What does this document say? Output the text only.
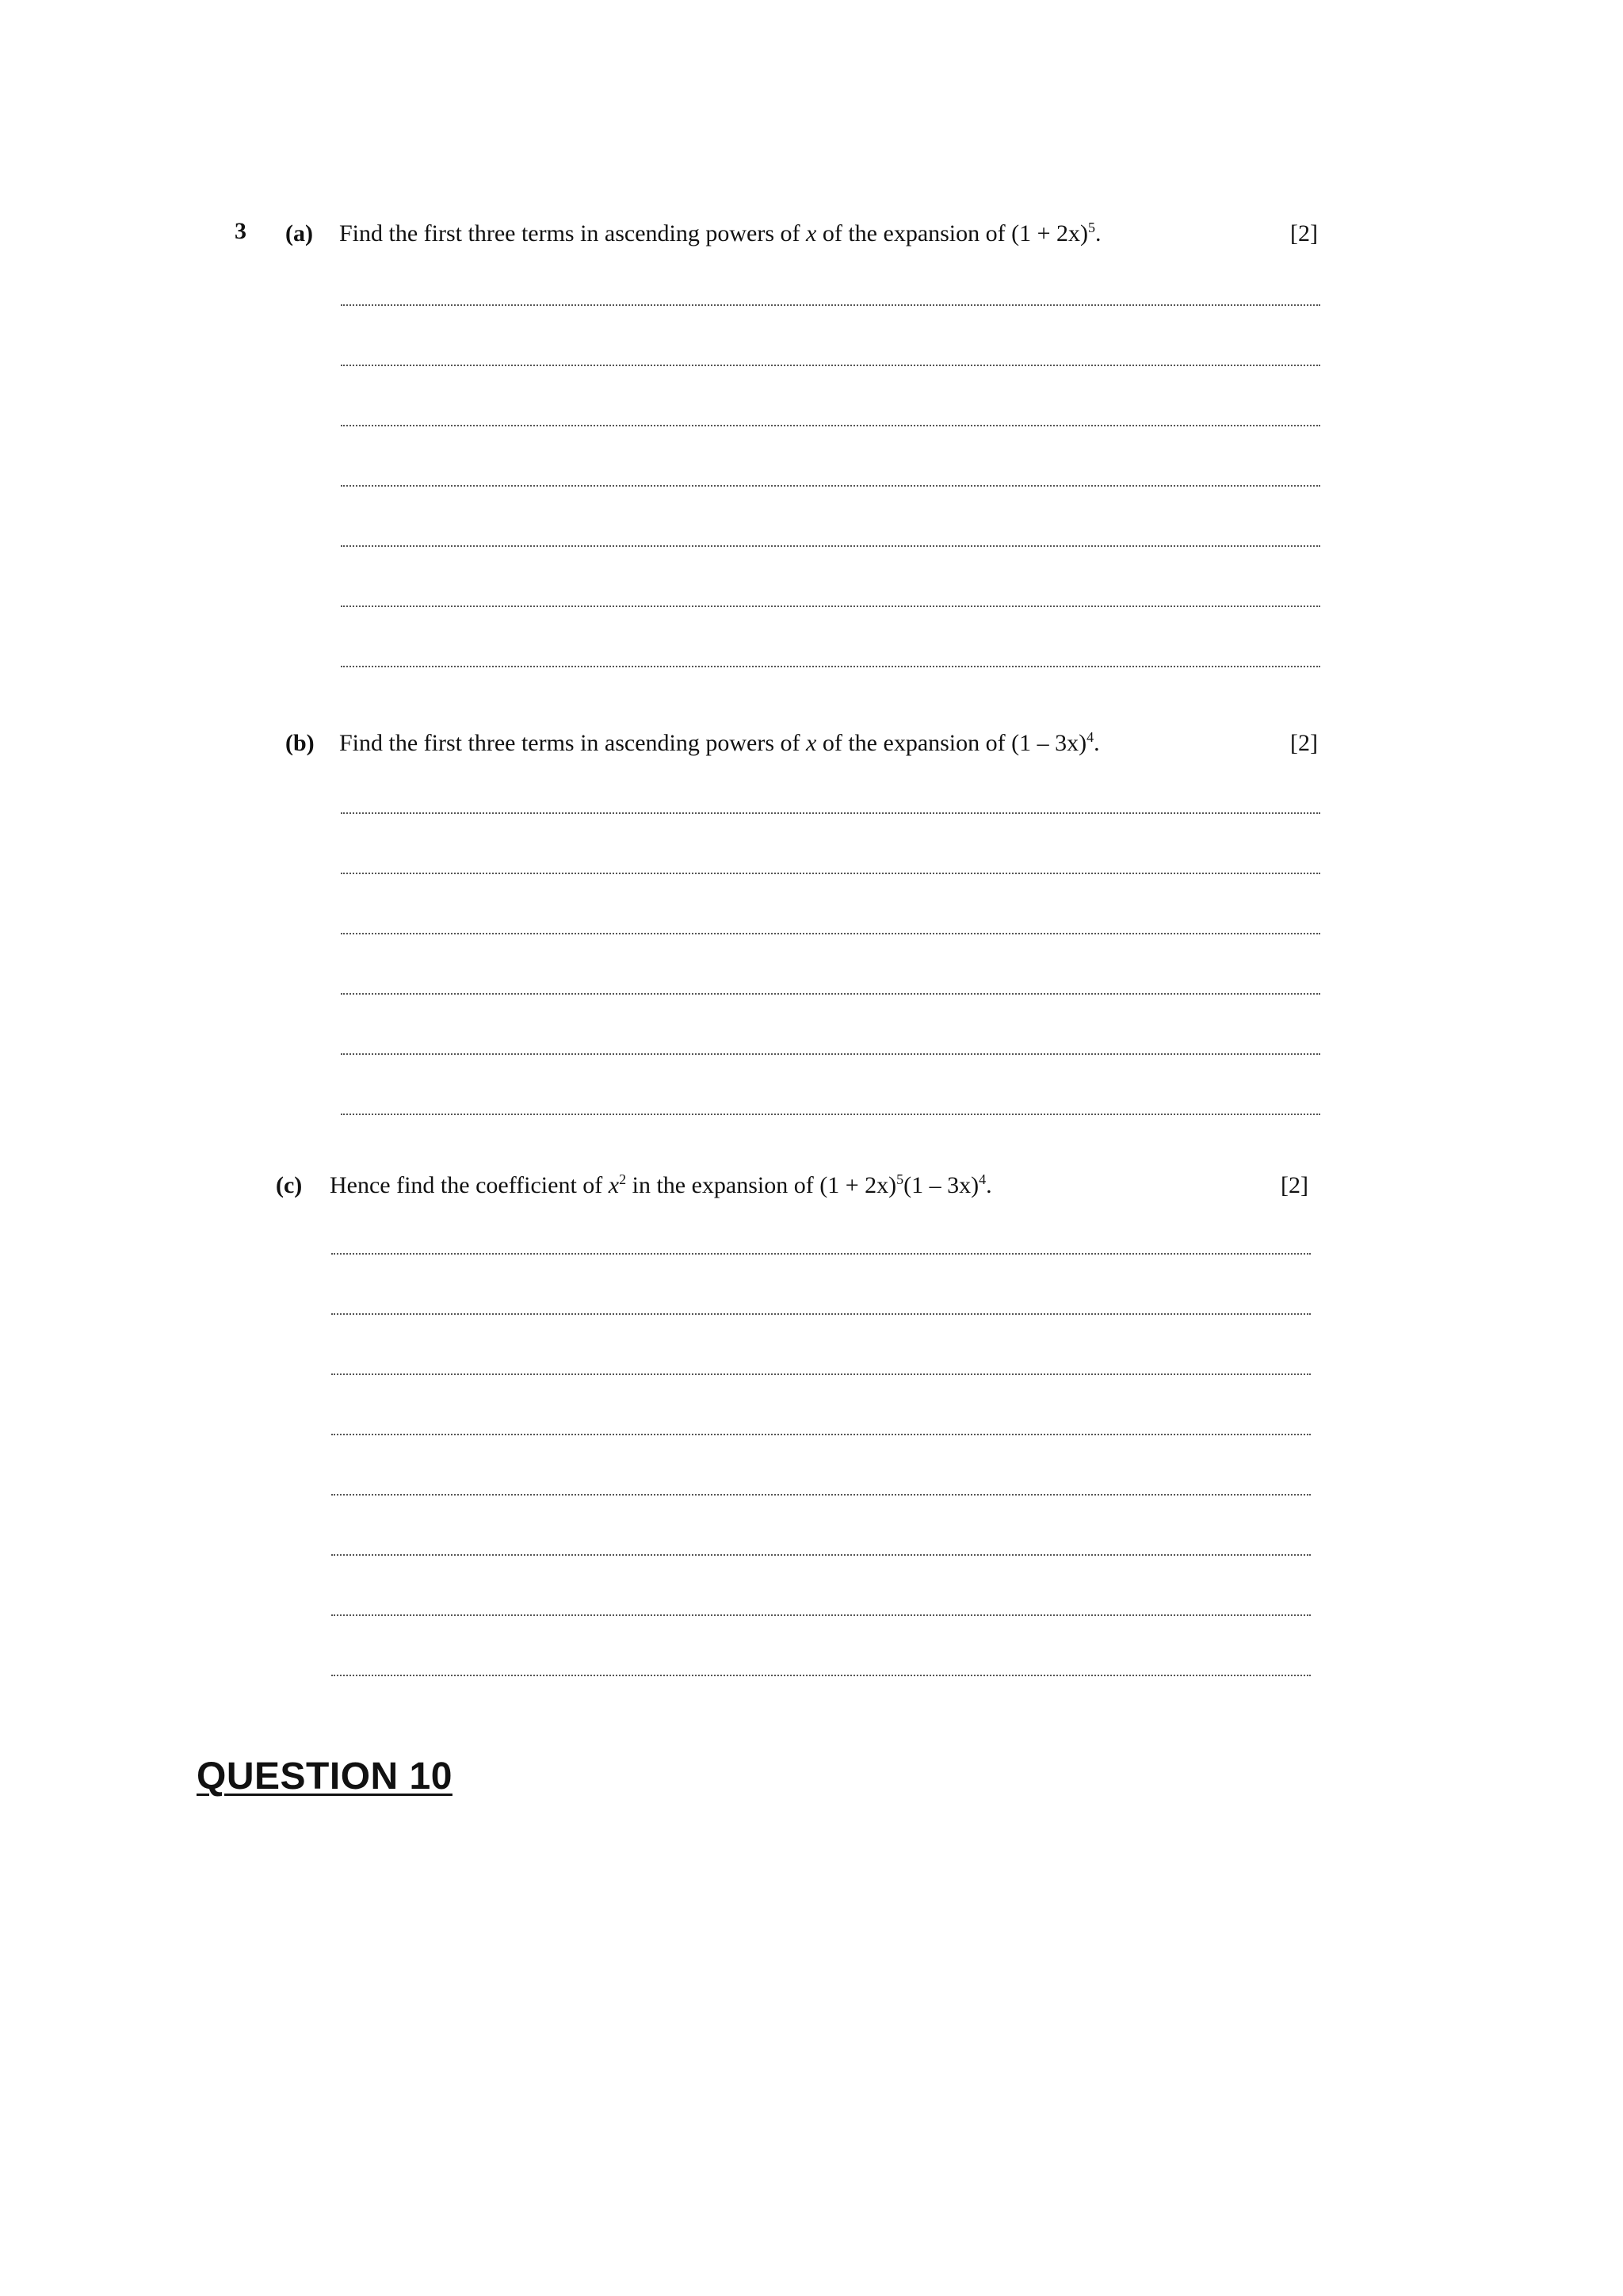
3 (a) Find the first three terms in ascending powers of x of the expansion of $(1 + 2x)^5$.	[2]
(b) Find the first three terms in ascending powers of x of the expansion of (1 – 3x)$^4$.	[2]
(c) Hence find the coefficient of $x^2$ in the expansion of $(1 + 2x)^5(1 - 3x)^4$.	[2]
QUESTION 10
